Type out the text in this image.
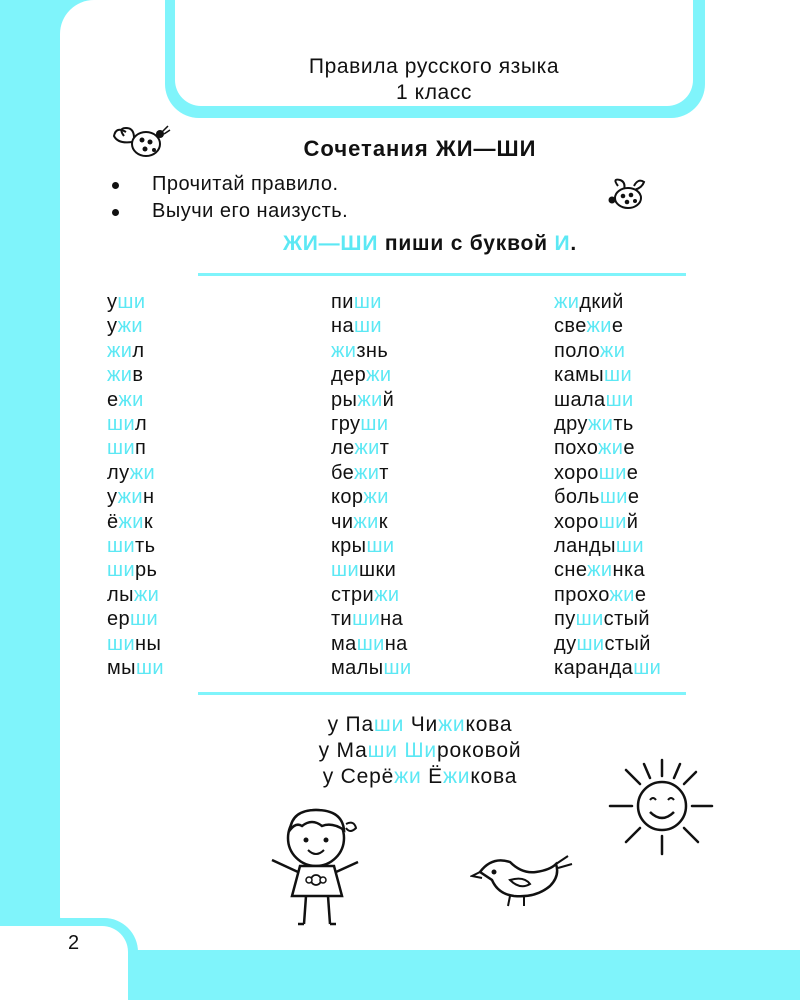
Правила русского языка
1 класс
Сочетания ЖИ—ШИ
Прочитай правило.
Выучи его наизусть.
ЖИ—ШИ пиши с буквой И.
уши
ужи
жил
жив
ежи
шил
шип
лужи
ужин
ёжик
шить
ширь
лыжи
ерши
шины
мыши
пиши
наши
жизнь
держи
рыжий
груши
лежит
бежит
коржи
чижик
крыши
шишки
стрижи
тишина
машина
малыши
жидкий
свежие
положи
камыши
шалаши
дружить
похожие
хорошие
большие
хороший
ландыши
снежинка
прохожие
пушистый
душистый
карандаши
у Паши Чижикова
у Маши Широковой
у Серёжи Ёжикова
2
